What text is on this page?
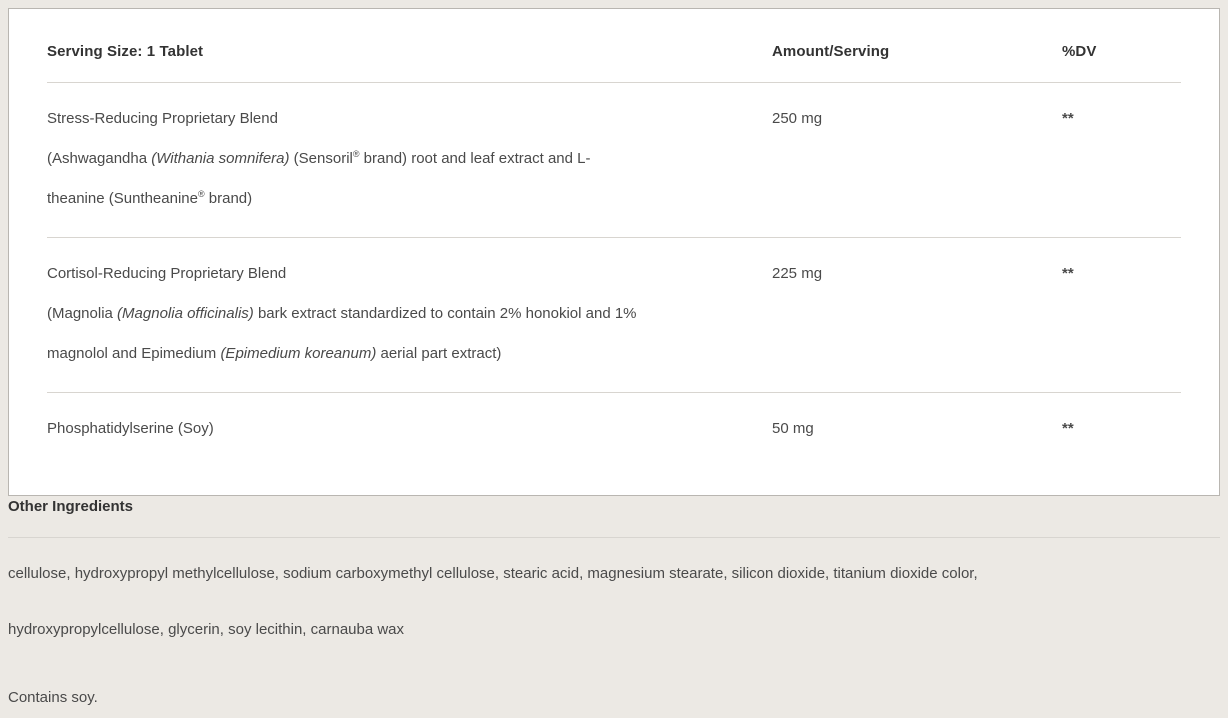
Serving Size: 1 Tablet	Amount/Serving	%DV

Stress-Reducing Proprietary Blend
(Ashwagandha (Withania somnifera) (Sensoril® brand) root and leaf extract and L-
theanine (Suntheanine® brand)	250 mg	**

Cortisol-Reducing Proprietary Blend
(Magnolia (Magnolia officinalis) bark extract standardized to contain 2% honokiol and 1%
magnolol and Epimedium (Epimedium koreanum) aerial part extract)	225 mg	**

Phosphatidylserine (Soy)	50 mg	**
Other Ingredients

cellulose, hydroxypropyl methylcellulose, sodium carboxymethyl cellulose, stearic acid, magnesium stearate, silicon dioxide, titanium dioxide color,

hydroxypropylcellulose, glycerin, soy lecithin, carnauba wax

Contains soy.
